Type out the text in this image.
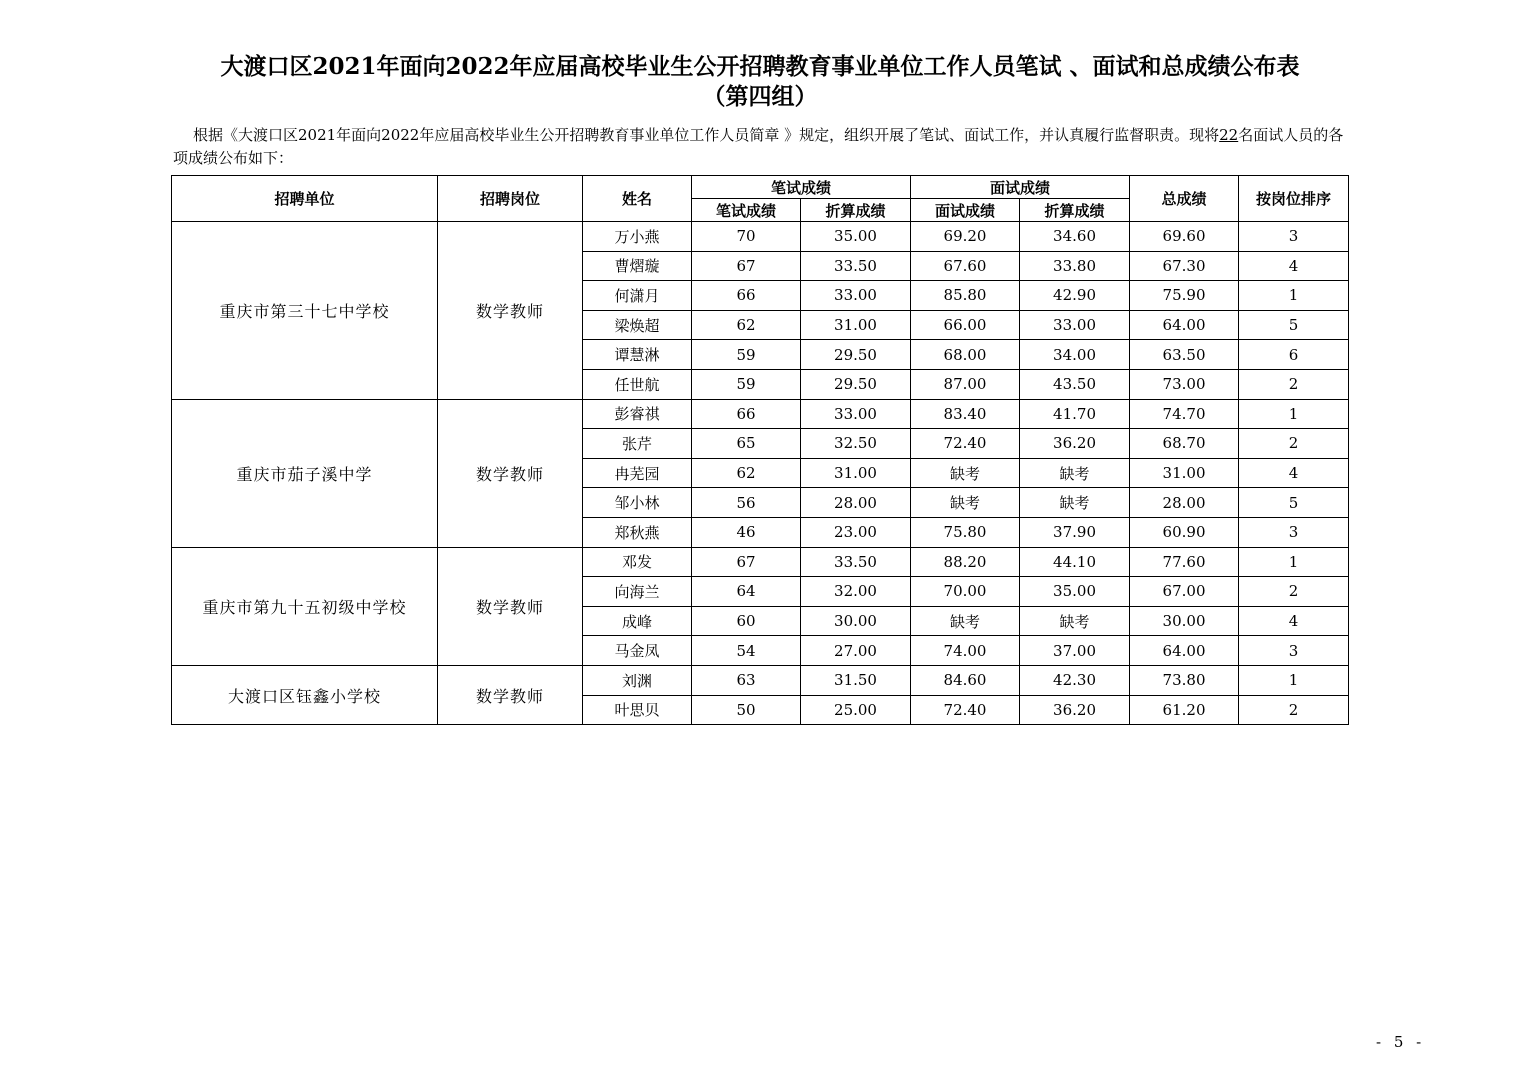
大渡口区2021年面向2022年应届高校毕业生公开招聘教育事业单位工作人员笔试 、面试和总成绩公布表
（第四组）
根据《大渡口区2021年面向2022年应届高校毕业生公开招聘教育事业单位工作人员简章 》规定，组织开展了笔试、面试工作，并认真履行监督职责。现将22名面试人员的各项成绩公布如下：
招聘单位	招聘岗位	姓名	笔试成绩		面试成绩		总成绩	按岗位排序
			笔试成绩	折算成绩	面试成绩	折算成绩		
重庆市第三十七中学校	数学教师	万小燕	70	35.00	69.20	34.60	69.60	3
		曹熠璇	67	33.50	67.60	33.80	67.30	4
		何潇月	66	33.00	85.80	42.90	75.90	1
		梁焕超	62	31.00	66.00	33.00	64.00	5
		谭慧淋	59	29.50	68.00	34.00	63.50	6
		任世航	59	29.50	87.00	43.50	73.00	2
重庆市茄子溪中学	数学教师	彭睿祺	66	33.00	83.40	41.70	74.70	1
		张芹	65	32.50	72.40	36.20	68.70	2
		冉芜园	62	31.00	缺考	缺考	31.00	4
		邹小林	56	28.00	缺考	缺考	28.00	5
		郑秋燕	46	23.00	75.80	37.90	60.90	3
重庆市第九十五初级中学校	数学教师	邓发	67	33.50	88.20	44.10	77.60	1
		向海兰	64	32.00	70.00	35.00	67.00	2
		成峰	60	30.00	缺考	缺考	30.00	4
		马金凤	54	27.00	74.00	37.00	64.00	3
大渡口区钰鑫小学校	数学教师	刘渊	63	31.50	84.60	42.30	73.80	1
		叶思贝	50	25.00	72.40	36.20	61.20	2
- 5 -
